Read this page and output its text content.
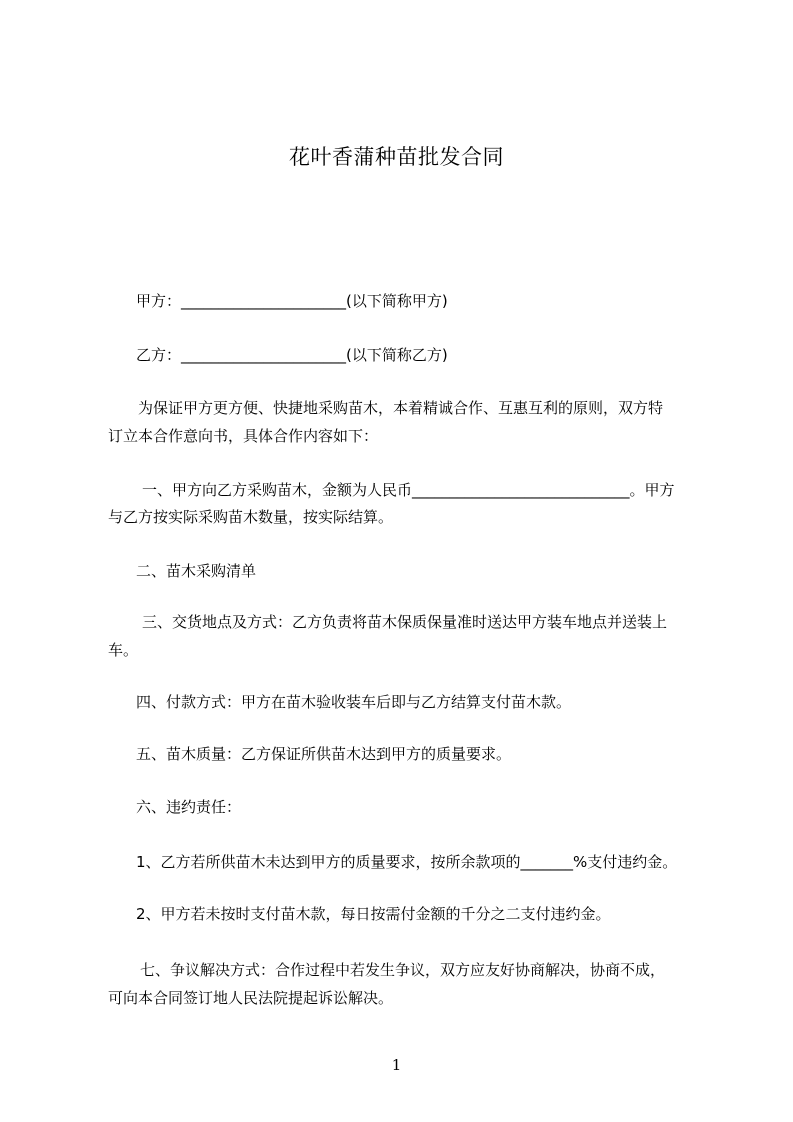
花叶香蒲种苗批发合同
甲方：______________________(以下简称甲方)
乙方：______________________(以下简称乙方)
为保证甲方更方便、快捷地采购苗木，本着精诚合作、互惠互利的原则，双方特
订立本合作意向书，具体合作内容如下：
一、甲方向乙方采购苗木，金额为人民币_____________________________。甲方
与乙方按实际采购苗木数量，按实际结算。
二、苗木采购清单
三、交货地点及方式：乙方负责将苗木保质保量准时送达甲方装车地点并送装上
车。
四、付款方式：甲方在苗木验收装车后即与乙方结算支付苗木款。
五、苗木质量：乙方保证所供苗木达到甲方的质量要求。
六、违约责任：
1、乙方若所供苗木未达到甲方的质量要求，按所余款项的_______%支付违约金。
2、甲方若未按时支付苗木款，每日按需付金额的千分之二支付违约金。
七、争议解决方式：合作过程中若发生争议，双方应友好协商解决，协商不成，
可向本合同签订地人民法院提起诉讼解决。
1
